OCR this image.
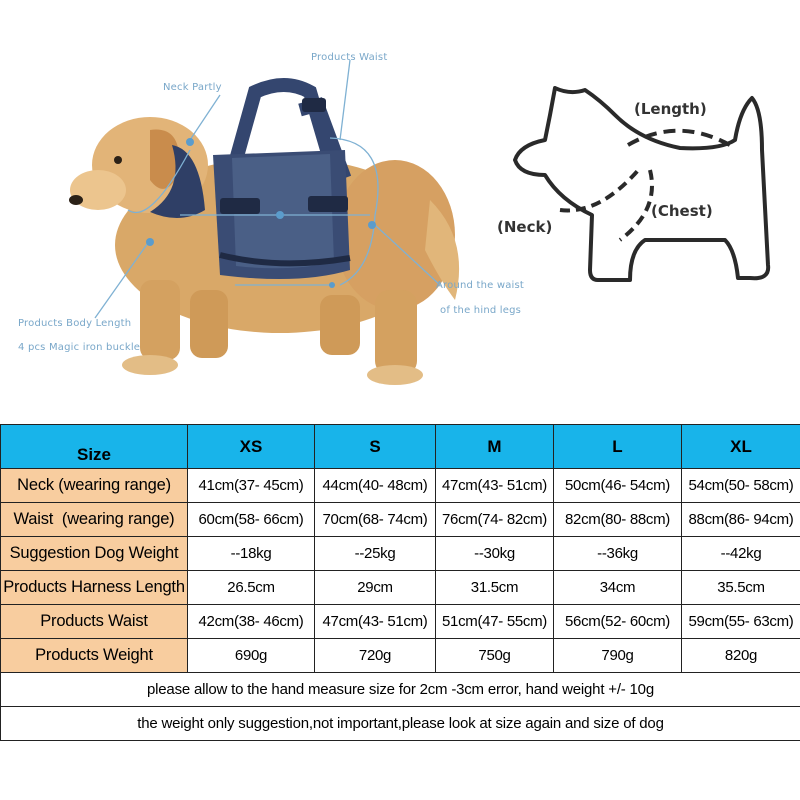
Products Waist
Neck Partly
Around the waist
of the hind legs
Products Body Length
4 pcs Magic iron buckle
(Length)
(Neck)
(Chest)
Size	XS	S	M	L	XL
Neck (wearing range)	41cm(37- 45cm)	44cm(40- 48cm)	47cm(43- 51cm)	50cm(46- 54cm)	54cm(50- 58cm)
Waist  (wearing range)	60cm(58- 66cm)	70cm(68- 74cm)	76cm(74- 82cm)	82cm(80- 88cm)	88cm(86- 94cm)
Suggestion Dog Weight	--18kg	--25kg	--30kg	--36kg	--42kg
Products Harness Length	26.5cm	29cm	31.5cm	34cm	35.5cm
Products Waist	42cm(38- 46cm)	47cm(43- 51cm)	51cm(47- 55cm)	56cm(52- 60cm)	59cm(55- 63cm)
Products Weight	690g	720g	750g	790g	820g
please allow to the hand measure size for 2cm -3cm error, hand weight +/- 10g					
the weight only suggestion,not important,please look at size again and size of dog					
